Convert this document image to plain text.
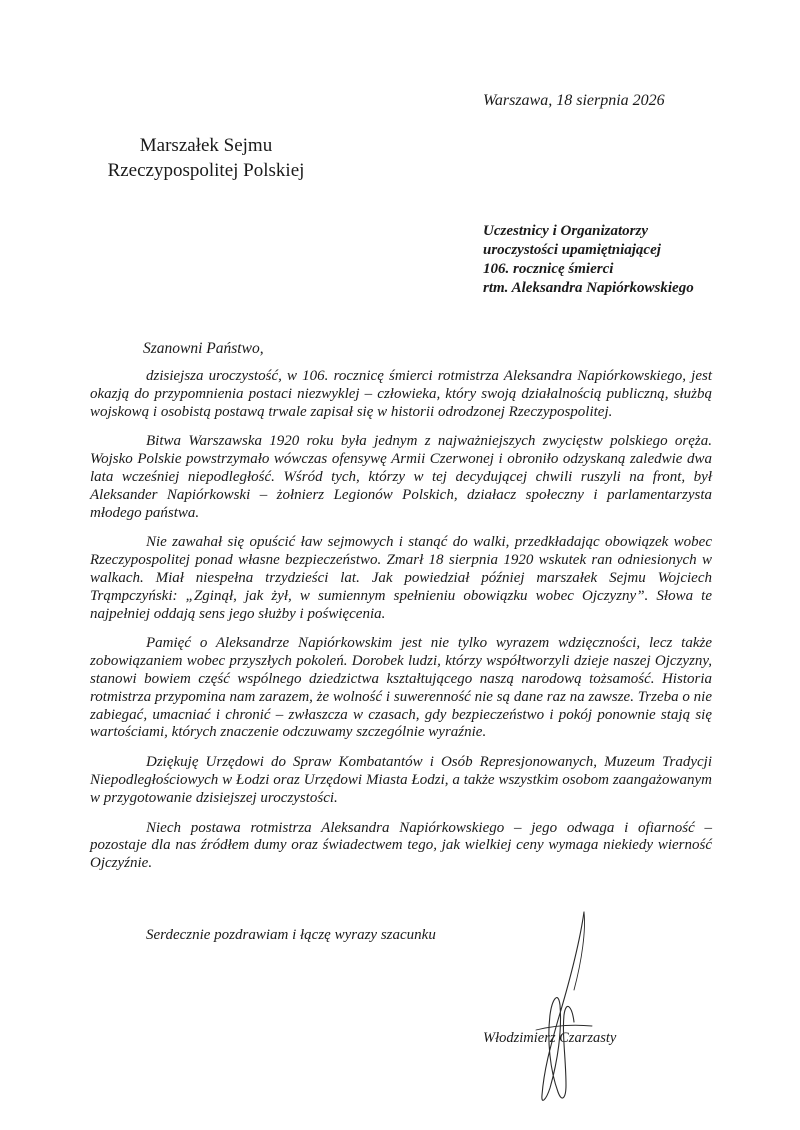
Warszawa, 18 sierpnia 2026
Marszałek Sejmu
Rzeczypospolitej Polskiej
Uczestnicy i Organizatorzy
uroczystości upamiętniającej
106. rocznicę śmierci
rtm. Aleksandra Napiórkowskiego
Szanowni Państwo,

dzisiejsza uroczystość, w 106. rocznicę śmierci rotmistrza Aleksandra Napiórkowskiego, jest okazją do przypomnienia postaci niezwyklej – człowieka, który swoją działalnością publiczną, służbą wojskową i osobistą postawą trwale zapisał się w historii odrodzonej Rzeczypospolitej.

Bitwa Warszawska 1920 roku była jednym z najważniejszych zwycięstw polskiego oręża. Wojsko Polskie powstrzymało wówczas ofensywę Armii Czerwonej i obroniło odzyskaną zaledwie dwa lata wcześniej niepodległość. Wśród tych, którzy w tej decydującej chwili ruszyli na front, był Aleksander Napiórkowski – żołnierz Legionów Polskich, działacz społeczny i parlamentarzysta młodego państwa.

Nie zawahał się opuścić ław sejmowych i stanąć do walki, przedkładając obowiązek wobec Rzeczypospolitej ponad własne bezpieczeństwo. Zmarł 18 sierpnia 1920 wskutek ran odniesionych w walkach. Miał niespełna trzydzieści lat. Jak powiedział później marszałek Sejmu Wojciech Trąmpczyński: „Zginął, jak żył, w sumiennym spełnieniu obowiązku wobec Ojczyzny”. Słowa te najpełniej oddają sens jego służby i poświęcenia.

Pamięć o Aleksandrze Napiórkowskim jest nie tylko wyrazem wdzięczności, lecz także zobowiązaniem wobec przyszłych pokoleń. Dorobek ludzi, którzy współtworzyli dzieje naszej Ojczyzny, stanowi bowiem część wspólnego dziedzictwa kształtującego naszą narodową tożsamość. Historia rotmistrza przypomina nam zarazem, że wolność i suwerenność nie są dane raz na zawsze. Trzeba o nie zabiegać, umacniać i chronić – zwłaszcza w czasach, gdy bezpieczeństwo i pokój ponownie stają się wartościami, których znaczenie odczuwamy szczególnie wyraźnie.

Dziękuję Urzędowi do Spraw Kombatantów i Osób Represjonowanych, Muzeum Tradycji Niepodległościowych w Łodzi oraz Urzędowi Miasta Łodzi, a także wszystkim osobom zaangażowanym w przygotowanie dzisiejszej uroczystości.

Niech postawa rotmistrza Aleksandra Napiórkowskiego – jego odwaga i ofiarność – pozostaje dla nas źródłem dumy oraz świadectwem tego, jak wielkiej ceny wymaga niekiedy wierność Ojczyźnie.

Serdecznie pozdrawiam i łączę wyrazy szacunku
Włodzimierz Czarzasty
